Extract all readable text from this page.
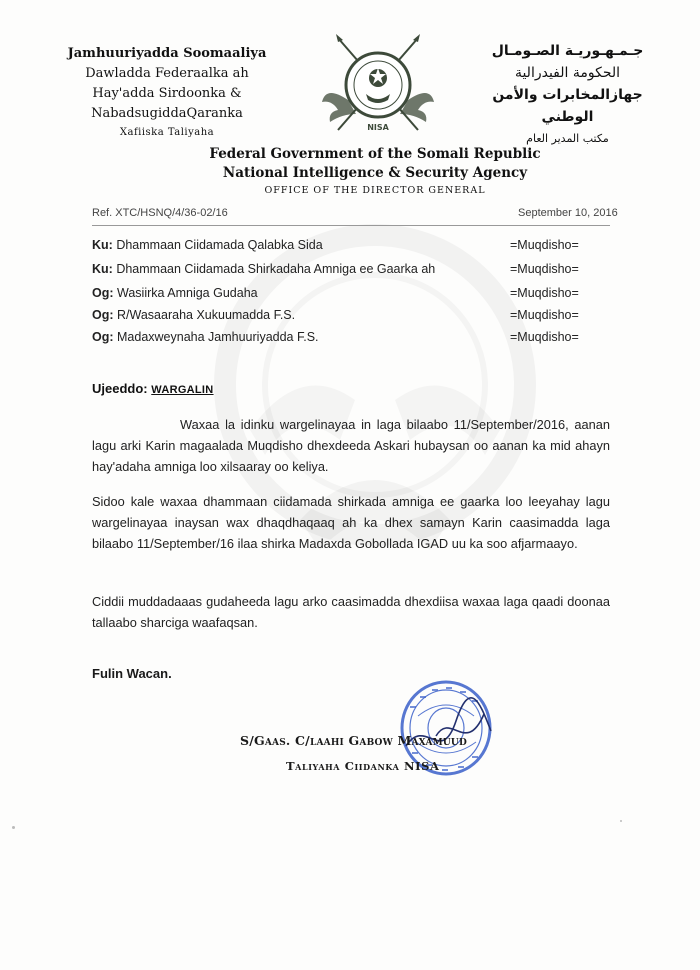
Jamhuuriyadda Soomaaliya
Dawladda Federaalka ah
Hay'adda Sirdoonka &
NabadsugiddaQaranka
Xafiiska Taliyaha	NISA
جـمـهـوريـة الصـومـال
الحكومة الفيدرالية
جهازالمخابرات والأمن الوطني
مكتب المدير العام
Federal Government of the Somali Republic
National Intelligence & Security Agency
OFFICE OF THE DIRECTOR GENERAL
Ref. XTC/HSNQ/4/36-02/16	September 10, 2016
Ku: Dhammaan Ciidamada Qalabka Sida	=Muqdisho=
Ku: Dhammaan Ciidamada Shirkadaha Amniga ee Gaarka ah	=Muqdisho=
Og: Wasiirka Amniga Gudaha	=Muqdisho=
Og: R/Wasaaraha Xukuumadda F.S.	=Muqdisho=
Og: Madaxweynaha Jamhuuriyadda F.S.	=Muqdisho=
Ujeeddo: WARGALIN
Waxaa la idinku wargelinayaa in laga bilaabo 11/September/2016, aanan lagu arki Karin magaalada Muqdisho dhexdeeda Askari hubaysan oo aanan ka mid ahayn hay'adaha amniga loo xilsaaray oo keliya.
Sidoo kale waxaa dhammaan ciidamada shirkada amniga ee gaarka loo leeyahay lagu wargelinayaa inaysan wax dhaqdhaqaaq ah ka dhex samayn Karin caasimadda laga bilaabo 11/September/16 ilaa shirka Madaxda Gobollada IGAD uu ka soo afjarmaayo.
Ciddii muddadaaas gudaheeda lagu arko caasimadda dhexdiisa waxaa laga qaadi doonaa tallaabo sharciga waafaqsan.
Fulin Wacan.
S/Gaas. C/laahi Gabow Maxamuud
Taliyaha Ciidanka NISA
